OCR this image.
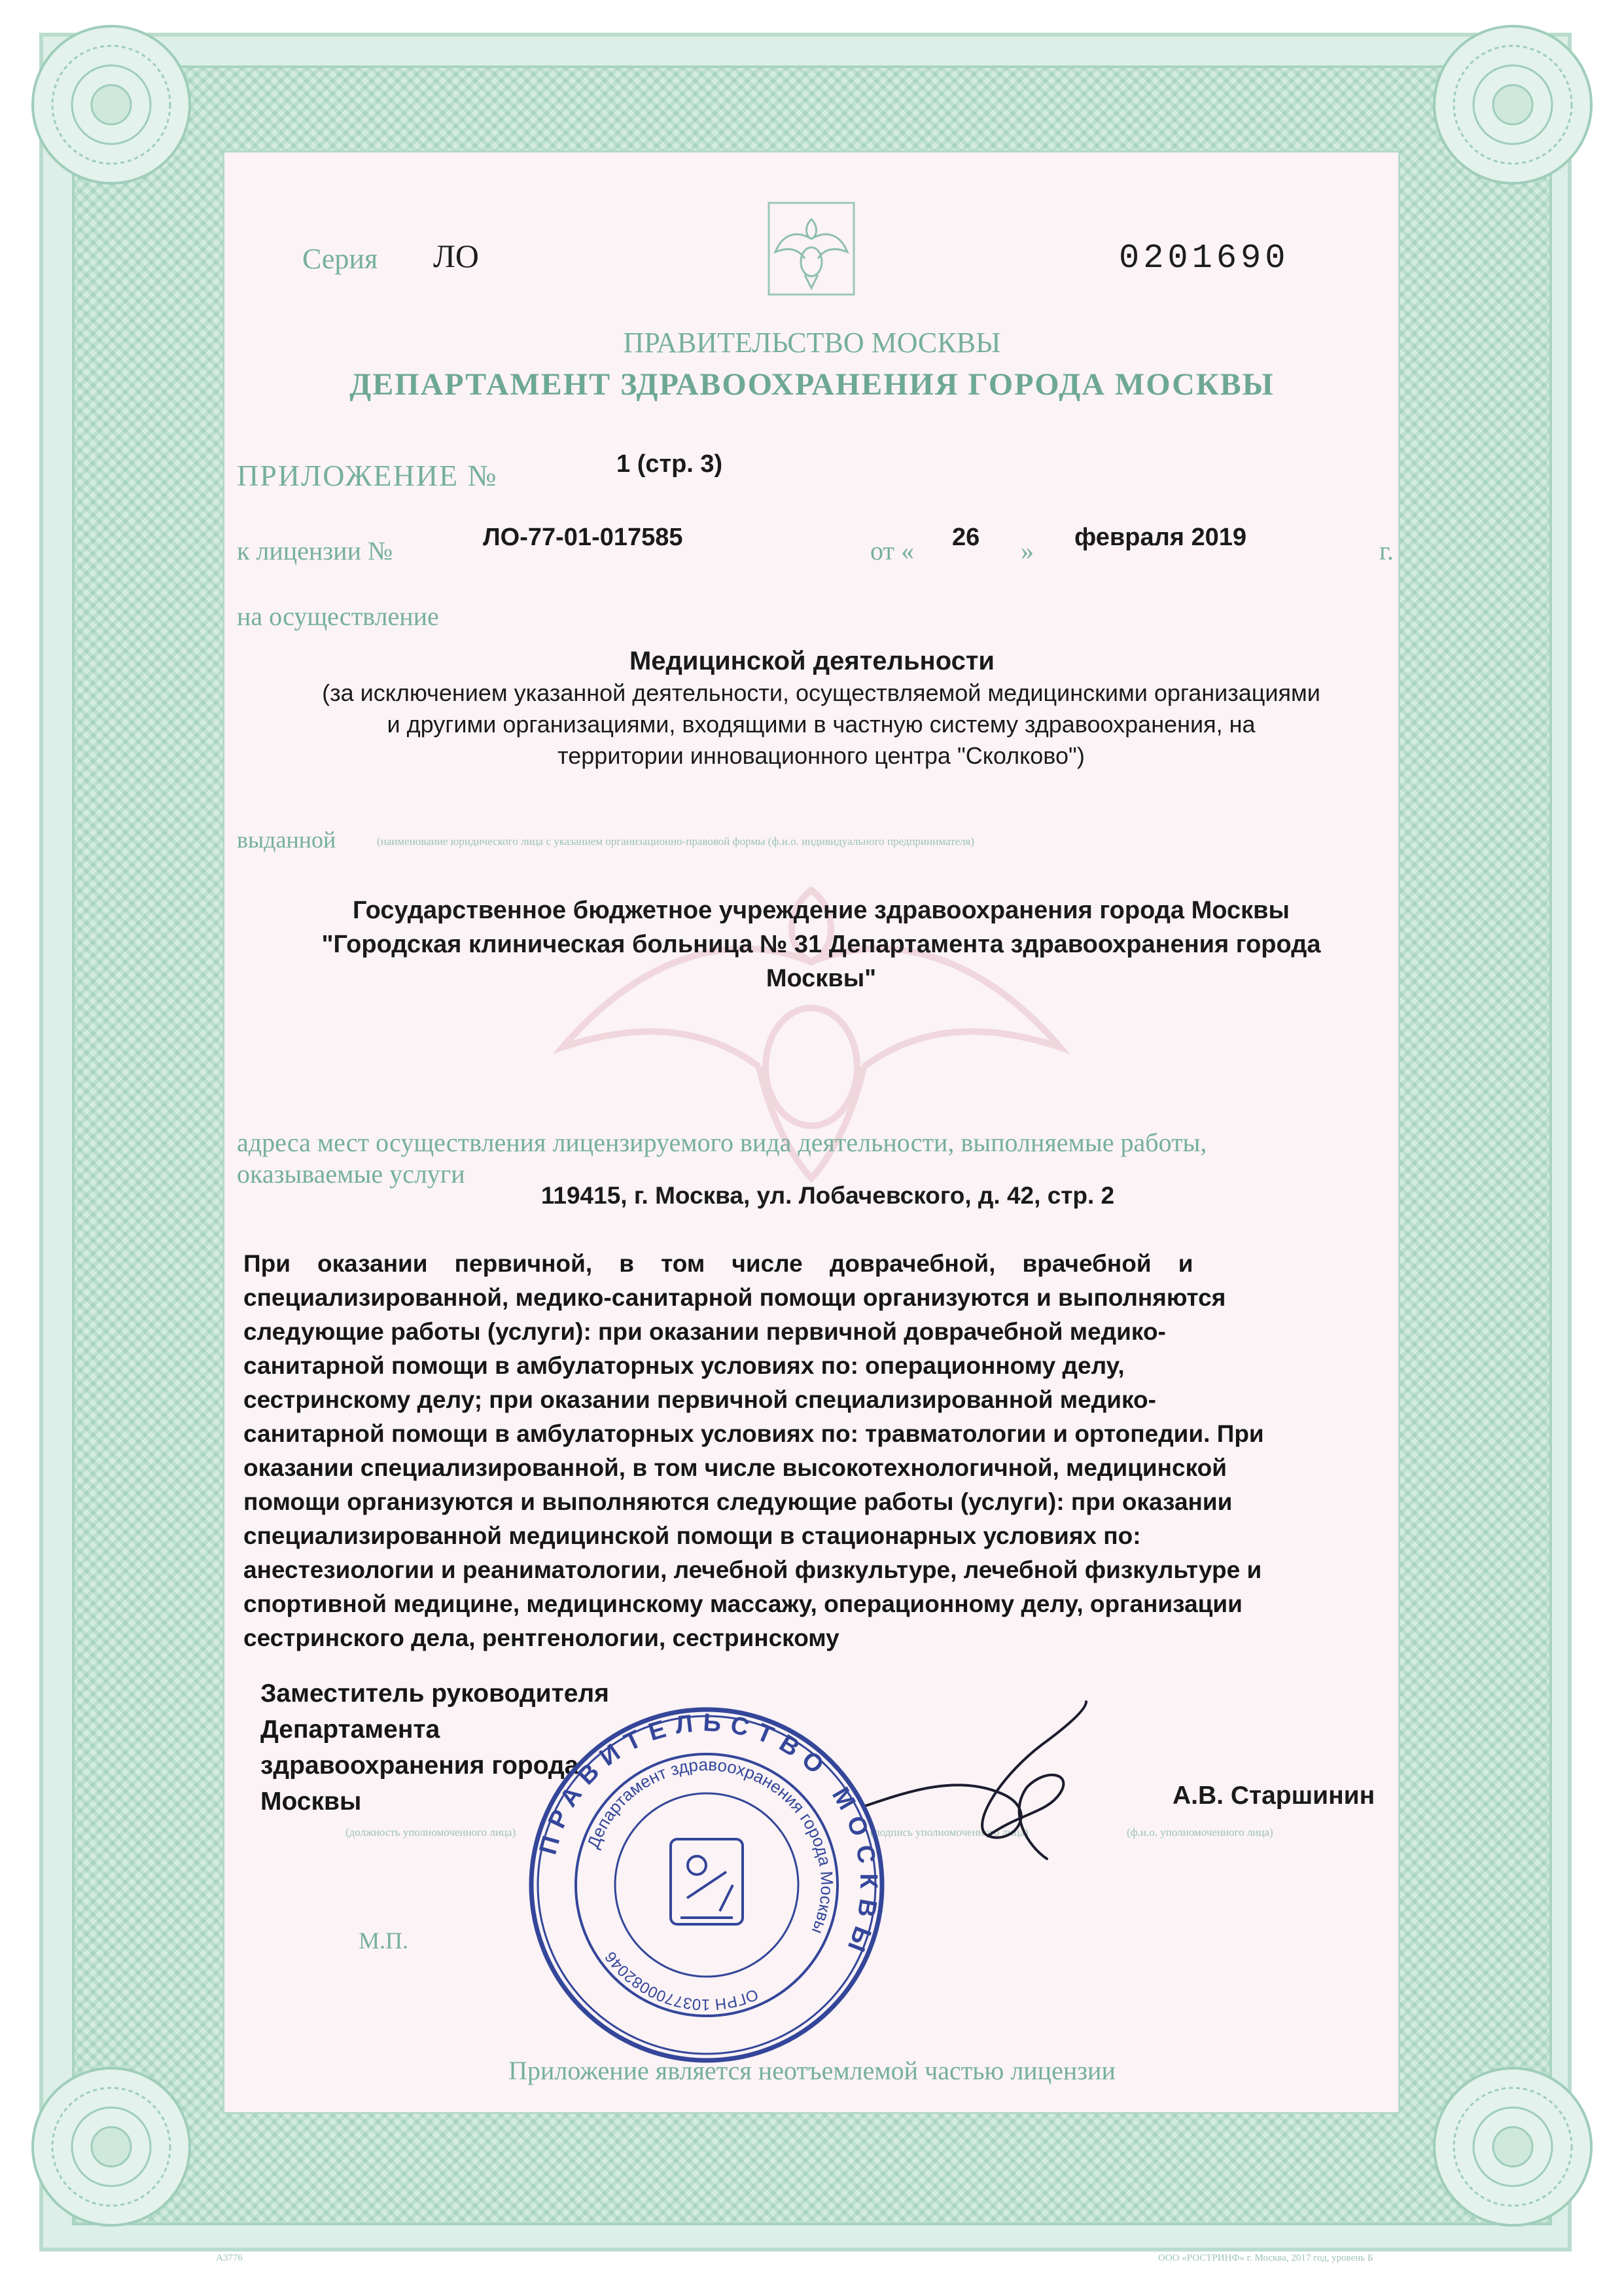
Серия ЛО	0201690
ПРАВИТЕЛЬСТВО МОСКВЫ
ДЕПАРТАМЕНТ ЗДРАВООХРАНЕНИЯ ГОРОДА МОСКВЫ
ПРИЛОЖЕНИЕ №	1 (стр. 3)
к лицензии №	ЛО-77-01-017585	от « 26 » февраля 2019	г.
на осуществление
Медицинской деятельности
(за исключением указанной деятельности, осуществляемой медицинскими организациями
и другими организациями, входящими в частную систему здравоохранения, на
территории инновационного центра "Сколково")
выданной	(наименование юридического лица с указанием организационно-правовой формы (ф.и.о. индивидуального предпринимателя)
Государственное бюджетное учреждение здравоохранения города Москвы
"Городская клиническая больница № 31 Департамента здравоохранения города
Москвы"
адреса мест осуществления лицензируемого вида деятельности, выполняемые работы,
оказываемые услуги
119415, г. Москва, ул. Лобачевского, д. 42, стр. 2
При    оказании    первичной,    в    том    числе    доврачебной,    врачебной    и
специализированной, медико-санитарной помощи организуются и выполняются
следующие работы (услуги): при оказании первичной доврачебной медико-
санитарной помощи в амбулаторных условиях по: операционному делу,
сестринскому делу; при оказании первичной специализированной медико-
санитарной помощи в амбулаторных условиях по: травматологии и ортопедии. При
оказании специализированной, в том числе высокотехнологичной, медицинской
помощи организуются и выполняются следующие работы (услуги): при оказании
специализированной медицинской помощи в стационарных условиях по:
анестезиологии и реаниматологии, лечебной физкультуре, лечебной физкультуре и
спортивной медицине, медицинскому массажу, операционному делу, организации
сестринского дела, рентгенологии, сестринскому
Заместитель руководителя
Департамента
здравоохранения города
Москвы	А.В. Старшинин
(должность уполномоченного лица)	(подпись уполномоченного лица)	(ф.и.о. уполномоченного лица)
М.П.
ПРАВИТЕЛЬСТВО МОСКВЫ
Департамент здравоохранения города Москвы
ОГРН 1037700082046
Приложение является неотъемлемой частью лицензии
А3776	ООО «РОСТРИНФ» г. Москва, 2017 год, уровень Б
